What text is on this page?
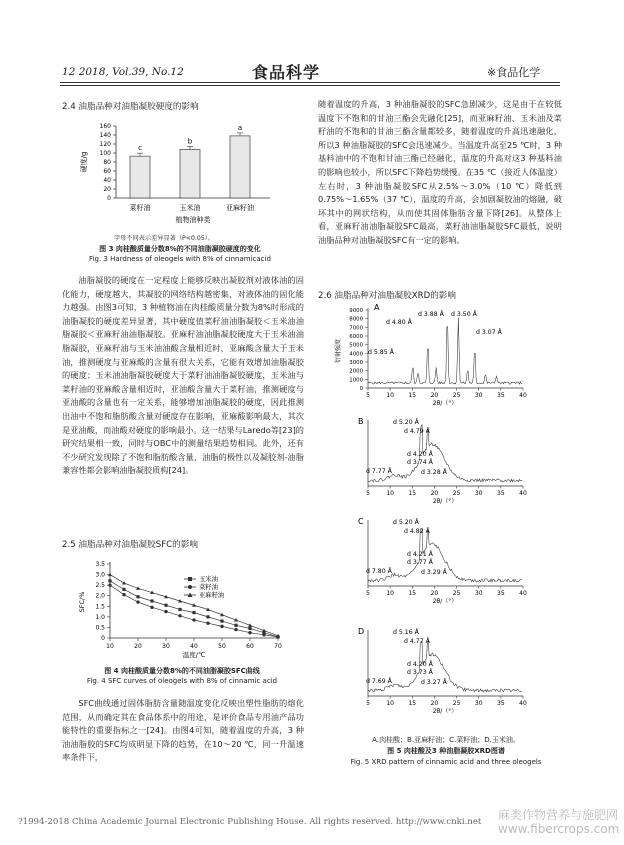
12 2018, Vol.39, No.12	食品科学	※食品化学
2.4 油脂品种对油脂凝胶硬度的影响
0
20
40
60
80
100
120
140
160
硬度/g
c
菜籽油
b
玉米油
a
亚麻籽油
植物油种类
字母不同表示差异显著（P<0.05）。
图 3 肉桂酸质量分数8%的不同油脂凝胶硬度的变化
Fig. 3 Hardness of oleogels with 8% of cinnamicacid
油脂凝胶的硬度在一定程度上能够反映出凝胶剂对液体油的固化能力，硬度越大，其凝胶的网络结构越密集，对液体油的固化能力越强。由图3可知，3 种植物油在肉桂酸质量分数为8%时形成的油脂凝胶的硬度差异显著，其中硬度值菜籽油油脂凝胶＜玉米油油脂凝胶＜亚麻籽油油脂凝胶。亚麻籽油油脂凝胶硬度大于玉米油油脂凝胶，亚麻籽油与玉米油油酸含量相近时，亚麻酸含量大于玉米油，推测硬度与亚麻酸的含量有很大关系，它能有效增加油脂凝胶的硬度；玉米油油脂凝胶硬度大于菜籽油油脂凝胶硬度，玉米油与菜籽油的亚麻酸含量相近时，亚油酸含量大于菜籽油，推测硬度与亚油酸的含量也有一定关系，能够增加油脂凝胶的硬度，因此推测出油中不饱和脂肪酸含量对硬度存在影响，亚麻酸影响最大，其次是亚油酸，而油酸对硬度的影响最小。这一结果与Laredo等[23]的研究结果相一致，同时与OBC中的测量结果趋势相同。此外，还有不少研究发现除了不饱和脂肪酸含量，油脂的极性以及凝胶剂-油脂兼容性都会影响油脂凝胶质构[24]。
2.5 油脂品种对油脂凝胶SFC的影响
SFC/%
0
0.5
1.0
1.5
2.0
2.5
3.0
3.5
10	20	30	40	50	60	70
玉米油
菜籽油
亚麻籽油
温度/℃
图 4 肉桂酸质量分数8%的不同油脂凝胶SFC曲线
Fig. 4 SFC curves of oleogels with 8% of cinnamic acid
SFC曲线通过固体脂肪含量随温度变化反映出塑性脂肪的熔化范围，从而确定其在食品体系中的用途，是评价食品专用油产品功能特性的重要指标之一[24]。由图4可知，随着温度的升高，3 种油油脂胶的SFC均成明显下降的趋势，在10～20 ℃，同一升温速率条件下，
随着温度的升高，3 种油脂凝胶的SFC急剧减少，这是由于在较低温度下不饱和的甘油三酯会先融化[25]，而亚麻籽油、玉米油及菜籽油的不饱和的甘油三酯含量都较多，随着温度的升高迅速融化，所以3 种油脂凝胶的SFC会迅速减少。当温度升高至25 ℃时，3 种基料油中的不饱和甘油三酯已经融化，温度的升高对这3 种基料油的影响也较小，所以SFC下降趋势缓慢。在35 ℃（接近人体温度）左右时，3 种油脂凝胶SFC从2.5%～3.0%（10 ℃）降低到0.75%～1.65%（37 ℃），温度的升高，会加剧凝胶油的熔融，破坏其中的网状结构，从而使其固体脂肪含量下降[26]。从整体上看，亚麻籽油油脂凝胶SFC最高，菜籽油油脂凝胶SFC最低，说明油脂品种对油脂凝胶SFC有一定的影响。
2.6 油脂品种对油脂凝胶XRD的影响
A
5	10 15 20 25 30 35 40
2θ/（°）
0
1000
2000
3000
4000
5000
6000
7000
8000
9000
衍射强度
d 4.80 Å
d 3.88 Å d 3.50 Å
d 3.07 Å
d 5.85 Å
B
5	10 15 20 25 30 35 40
2θ/（°）
d 5.20 Å
d 4.79 Å
d 4.20 Å
d 3.74 Å
d 3.28 Å
d 7.77 Å
C
5	10 15 20 25 30 35 40
2θ/（°）
d 5.20 Å
d 4.82 Å
d 4.21 Å
d 3.77 Å
d 3.29 Å
d 7.80 Å
D
5	10 15 20 25 30 35 40
2θ/（°）
d 5.16 Å
d 4.77 Å
d 4.20 Å
d 3.73 Å
d 3.27 Å
d 7.69 Å
A.肉桂酸；B.亚麻籽油；C.菜籽油；D.玉米油。
图 5 肉桂酸及3 种油脂凝胶XRD图谱
Fig. 5 XRD pattern of cinnamic acid and three oleogels
?1994-2018 China Academic Journal Electronic Publishing House. All rights reserved. http://www.cnki.net 麻类作物营养与施肥网
www.fibercrops.com
